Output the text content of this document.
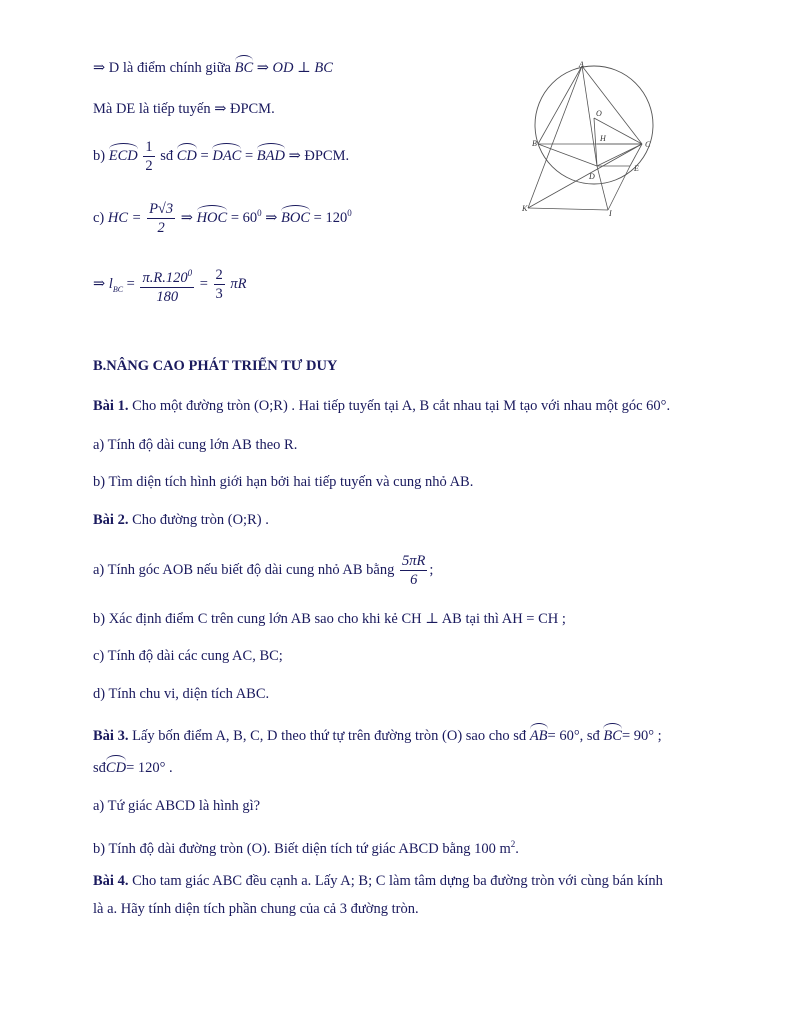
⇒ D là điểm chính giữa BC ⇒ OD ⊥ BC
Mà DE là tiếp tuyến ⇒ ĐPCM.
b) ECD $\frac{1}{2}$ sđ CD = DAC = BAD ⇒ ĐPCM.
c) HC = $\frac{P√3}{2}$ ⇒ HOC = $60^0$ ⇒ BOC = $120^0$
⇒ $l_{BC} = \frac{\pi.R.120^0}{180} = \frac{2}{3}$ πR
A
O
H
B	C
D
E
K
I
B.NÂNG CAO PHÁT TRIỂN TƯ DUY
Bài 1. Cho một đường tròn (O;R) . Hai tiếp tuyến tại A, B cắt nhau tại M tạo với nhau một góc 60°.
a) Tính độ dài cung lớn AB theo R.
b) Tìm diện tích hình giới hạn bởi hai tiếp tuyến và cung nhỏ AB.
Bài 2. Cho đường tròn (O;R) .
a) Tính góc AOB nếu biết độ dài cung nhỏ AB bằng $\frac{5\pi R}{6}$ ;
b) Xác định điểm C trên cung lớn AB sao cho khi kẻ CH ⊥ AB tại thì AH = CH ;
c) Tính độ dài các cung AC, BC;
d) Tính chu vi, diện tích ABC.
Bài 3. Lấy bốn điểm A, B, C, D theo thứ tự trên đường tròn (O) sao cho sđ AB= 60°, sđ BC= 90° ;
sđCD= 120° .
a) Tứ giác ABCD là hình gì?
b) Tính độ dài đường tròn (O). Biết diện tích tứ giác ABCD bằng 100 $m^2$.
Bài 4. Cho tam giác ABC đều cạnh a. Lấy A; B; C làm tâm dựng ba đường tròn với cùng bán kính
là a. Hãy tính diện tích phần chung của cả 3 đường tròn.
